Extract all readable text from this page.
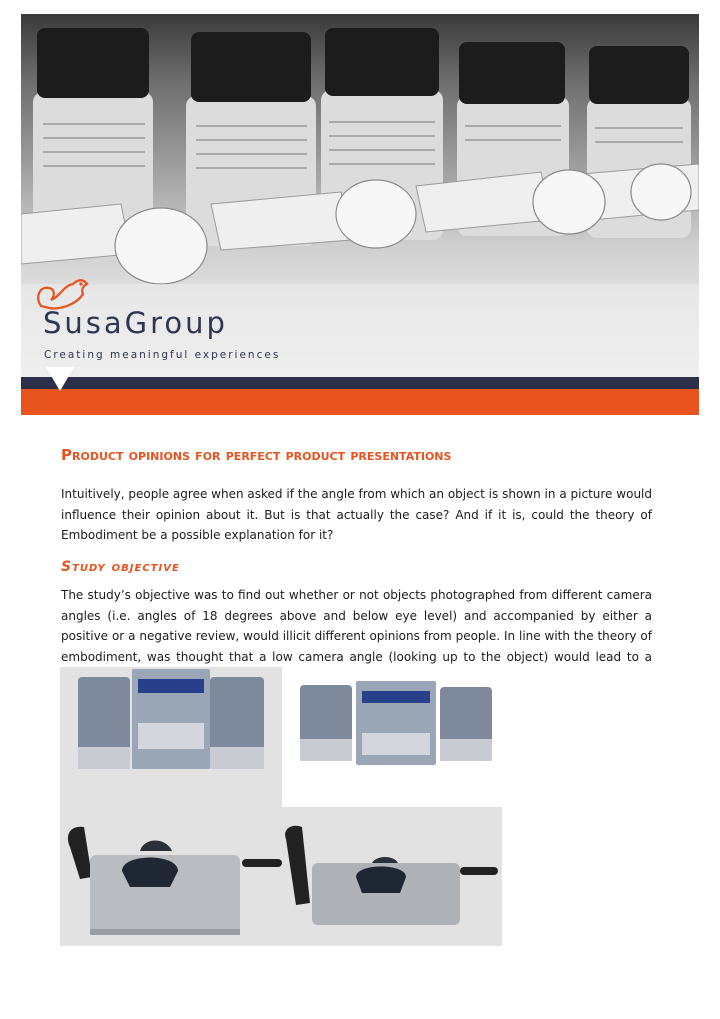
SusaGroup
Creating meaningful experiences
Product opinions for perfect product presentations

Intuitively, people agree when asked if the angle from which an object is shown in a picture would influence their opinion about it. But is that actually the case? And if it is, could the theory of Embodiment be a possible explanation for it?

Study objective

The study’s objective was to find out whether or not objects photographed from different camera angles (i.e. angles of 18 degrees above and below eye level) and accompanied by either a positive or a negative review, would illicit different opinions from people. In line with the theory of embodiment, was thought that a low camera angle (looking up to the object) would lead to a
